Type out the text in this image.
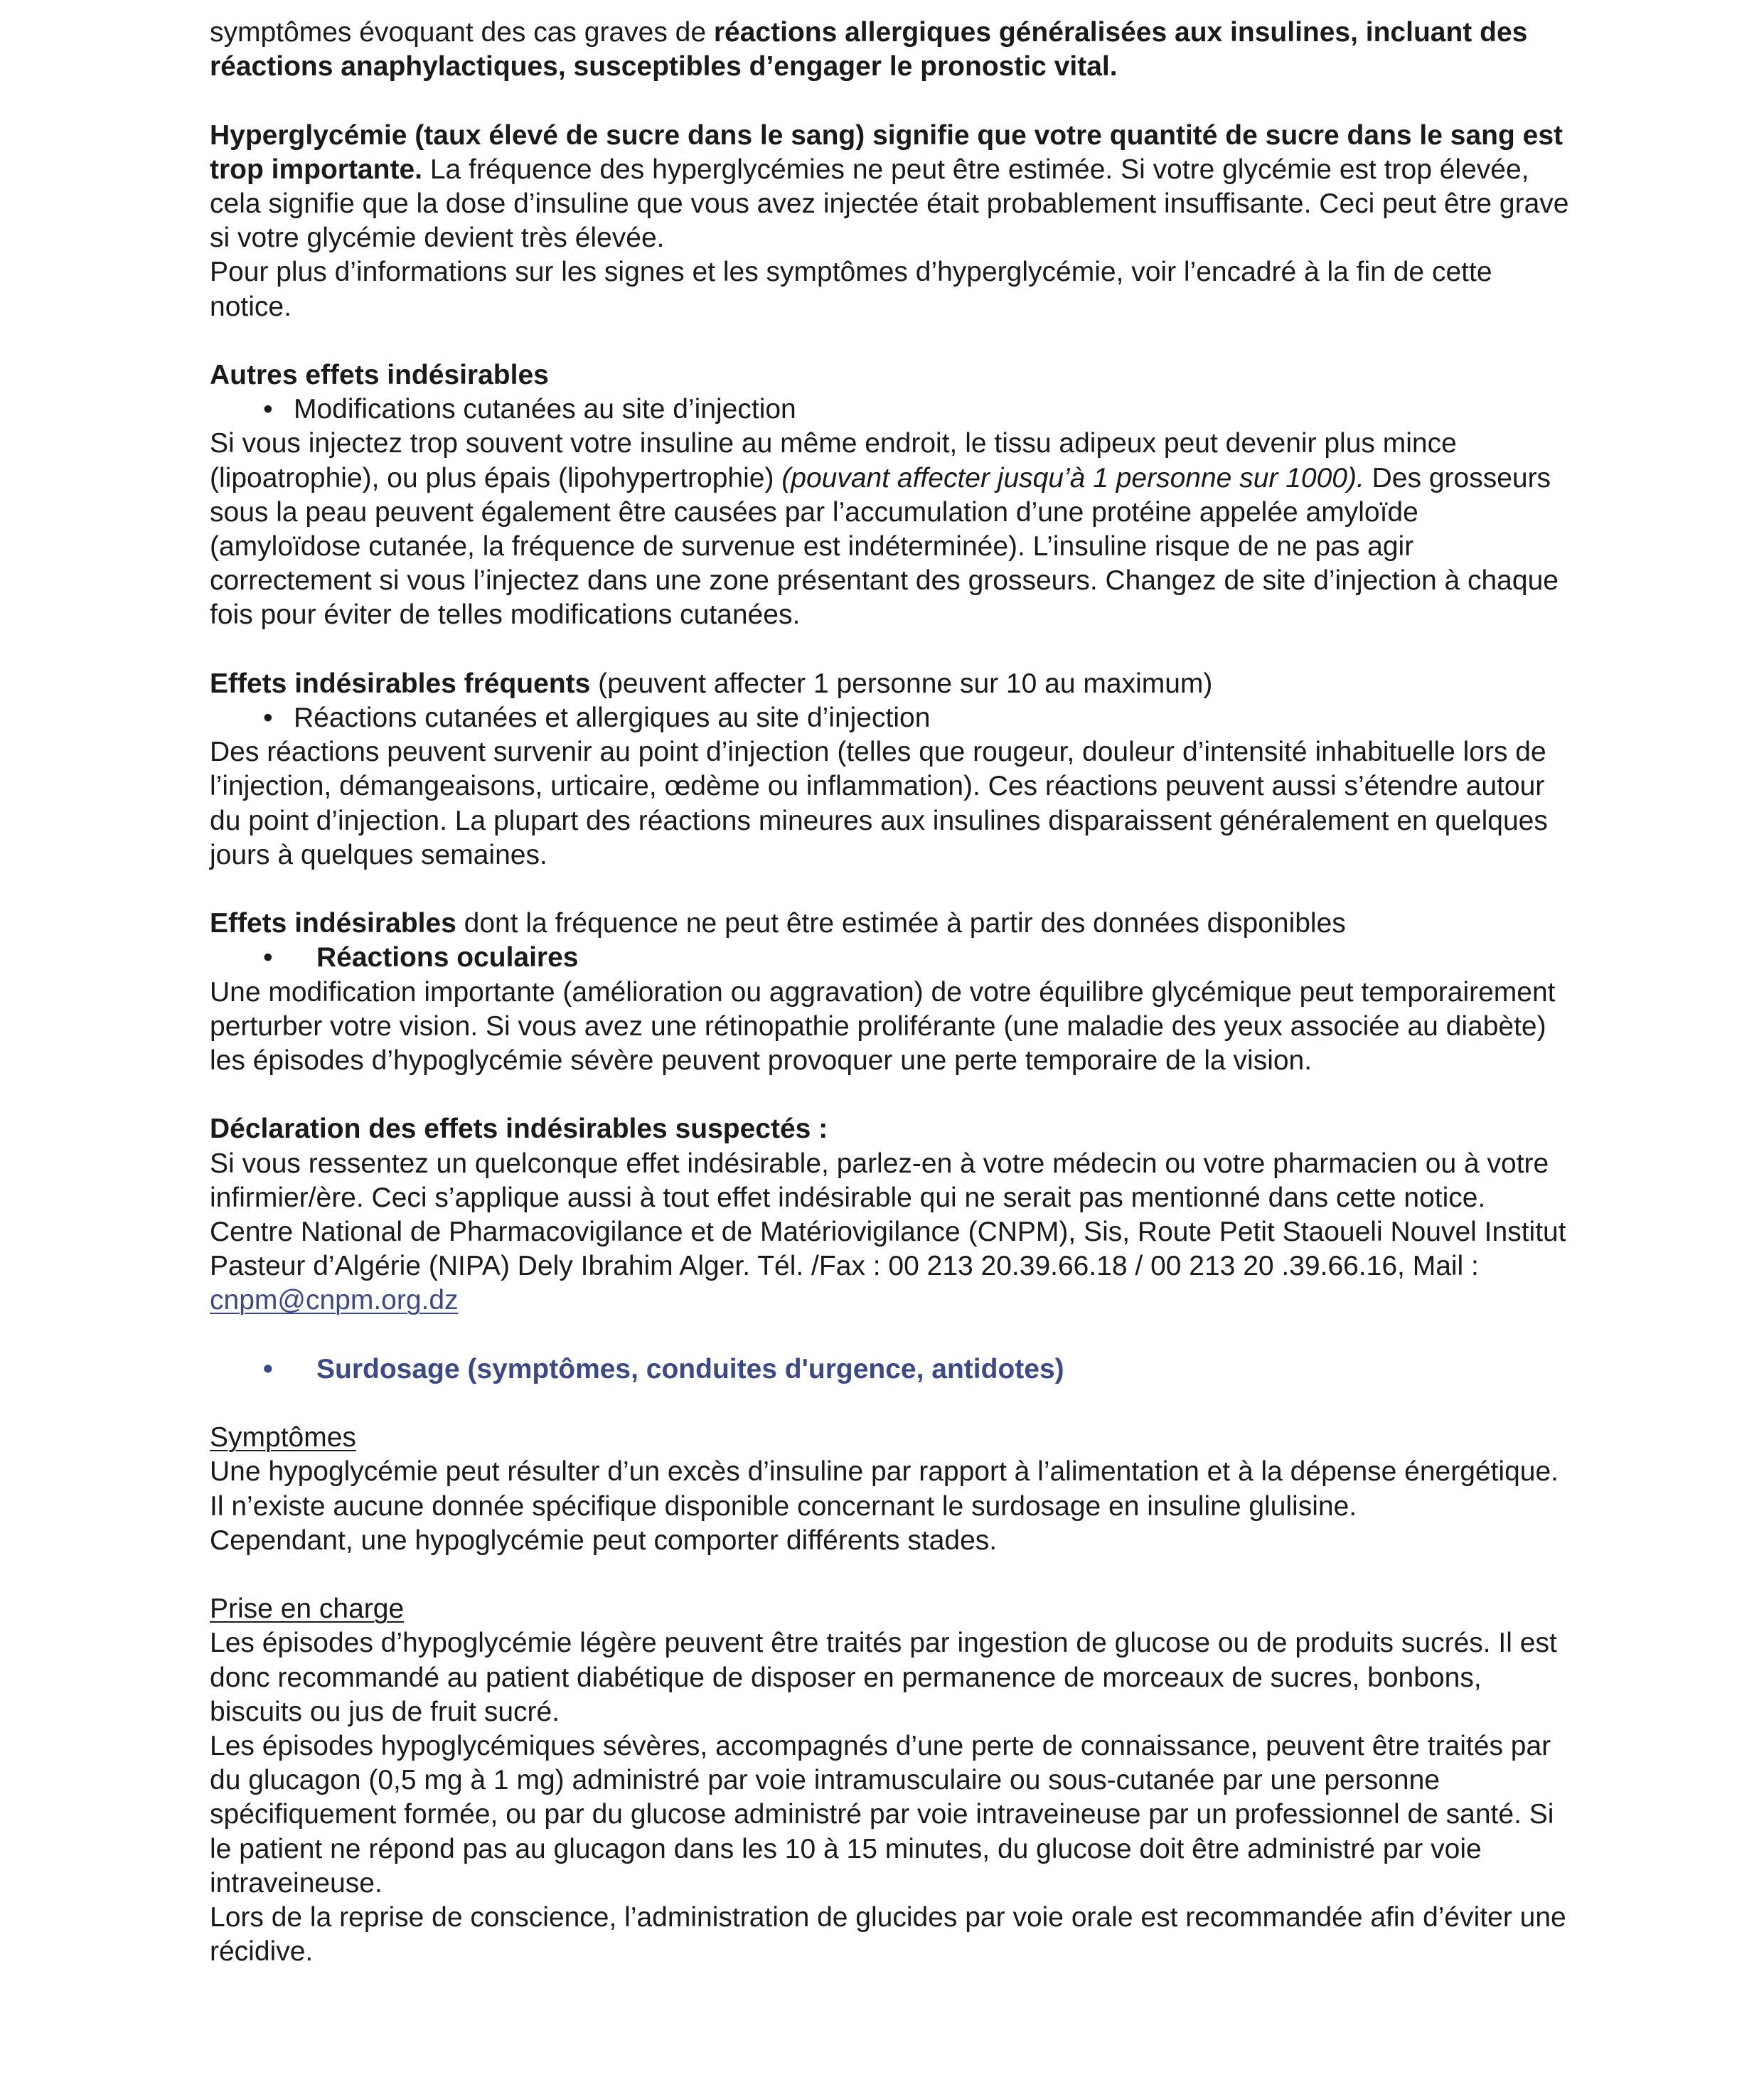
symptômes évoquant des cas graves de réactions allergiques généralisées aux insulines, incluant des réactions anaphylactiques, susceptibles d’engager le pronostic vital.

Hyperglycémie (taux élevé de sucre dans le sang) signifie que votre quantité de sucre dans le sang est trop importante. La fréquence des hyperglycémies ne peut être estimée. Si votre glycémie est trop élevée, cela signifie que la dose d’insuline que vous avez injectée était probablement insuffisante. Ceci peut être grave si votre glycémie devient très élevée.

Pour plus d’informations sur les signes et les symptômes d’hyperglycémie, voir l’encadré à la fin de cette notice.

Autres effets indésirables

• Modifications cutanées au site d’injection

Si vous injectez trop souvent votre insuline au même endroit, le tissu adipeux peut devenir plus mince (lipoatrophie), ou plus épais (lipohypertrophie) (pouvant affecter jusqu’à 1 personne sur 1000). Des grosseurs sous la peau peuvent également être causées par l’accumulation d’une protéine appelée amyloïde (amyloïdose cutanée, la fréquence de survenue est indéterminée). L’insuline risque de ne pas agir correctement si vous l’injectez dans une zone présentant des grosseurs. Changez de site d’injection à chaque fois pour éviter de telles modifications cutanées.

Effets indésirables fréquents (peuvent affecter 1 personne sur 10 au maximum)

• Réactions cutanées et allergiques au site d’injection

Des réactions peuvent survenir au point d’injection (telles que rougeur, douleur d’intensité inhabituelle lors de l’injection, démangeaisons, urticaire, œdème ou inflammation). Ces réactions peuvent aussi s’étendre autour du point d’injection. La plupart des réactions mineures aux insulines disparaissent généralement en quelques jours à quelques semaines.

Effets indésirables dont la fréquence ne peut être estimée à partir des données disponibles

• Réactions oculaires

Une modification importante (amélioration ou aggravation) de votre équilibre glycémique peut temporairement perturber votre vision. Si vous avez une rétinopathie proliférante (une maladie des yeux associée au diabète) les épisodes d’hypoglycémie sévère peuvent provoquer une perte temporaire de la vision.

Déclaration des effets indésirables suspectés :

Si vous ressentez un quelconque effet indésirable, parlez-en à votre médecin ou votre pharmacien ou à votre infirmier/ère. Ceci s’applique aussi à tout effet indésirable qui ne serait pas mentionné dans cette notice.

Centre National de Pharmacovigilance et de Matériovigilance (CNPM), Sis, Route Petit Staoueli Nouvel Institut Pasteur d’Algérie (NIPA) Dely Ibrahim Alger. Tél. /Fax : 00 213 20.39.66.18 / 00 213 20 .39.66.16, Mail : cnpm@cnpm.org.dz

• Surdosage (symptômes, conduites d'urgence, antidotes)

Symptômes

Une hypoglycémie peut résulter d’un excès d’insuline par rapport à l’alimentation et à la dépense énergétique.

Il n’existe aucune donnée spécifique disponible concernant le surdosage en insuline glulisine.

Cependant, une hypoglycémie peut comporter différents stades.

Prise en charge

Les épisodes d’hypoglycémie légère peuvent être traités par ingestion de glucose ou de produits sucrés. Il est donc recommandé au patient diabétique de disposer en permanence de morceaux de sucres, bonbons, biscuits ou jus de fruit sucré.

Les épisodes hypoglycémiques sévères, accompagnés d’une perte de connaissance, peuvent être traités par du glucagon (0,5 mg à 1 mg) administré par voie intramusculaire ou sous-cutanée par une personne spécifiquement formée, ou par du glucose administré par voie intraveineuse par un professionnel de santé. Si le patient ne répond pas au glucagon dans les 10 à 15 minutes, du glucose doit être administré par voie intraveineuse.

Lors de la reprise de conscience, l’administration de glucides par voie orale est recommandée afin d’éviter une récidive.
